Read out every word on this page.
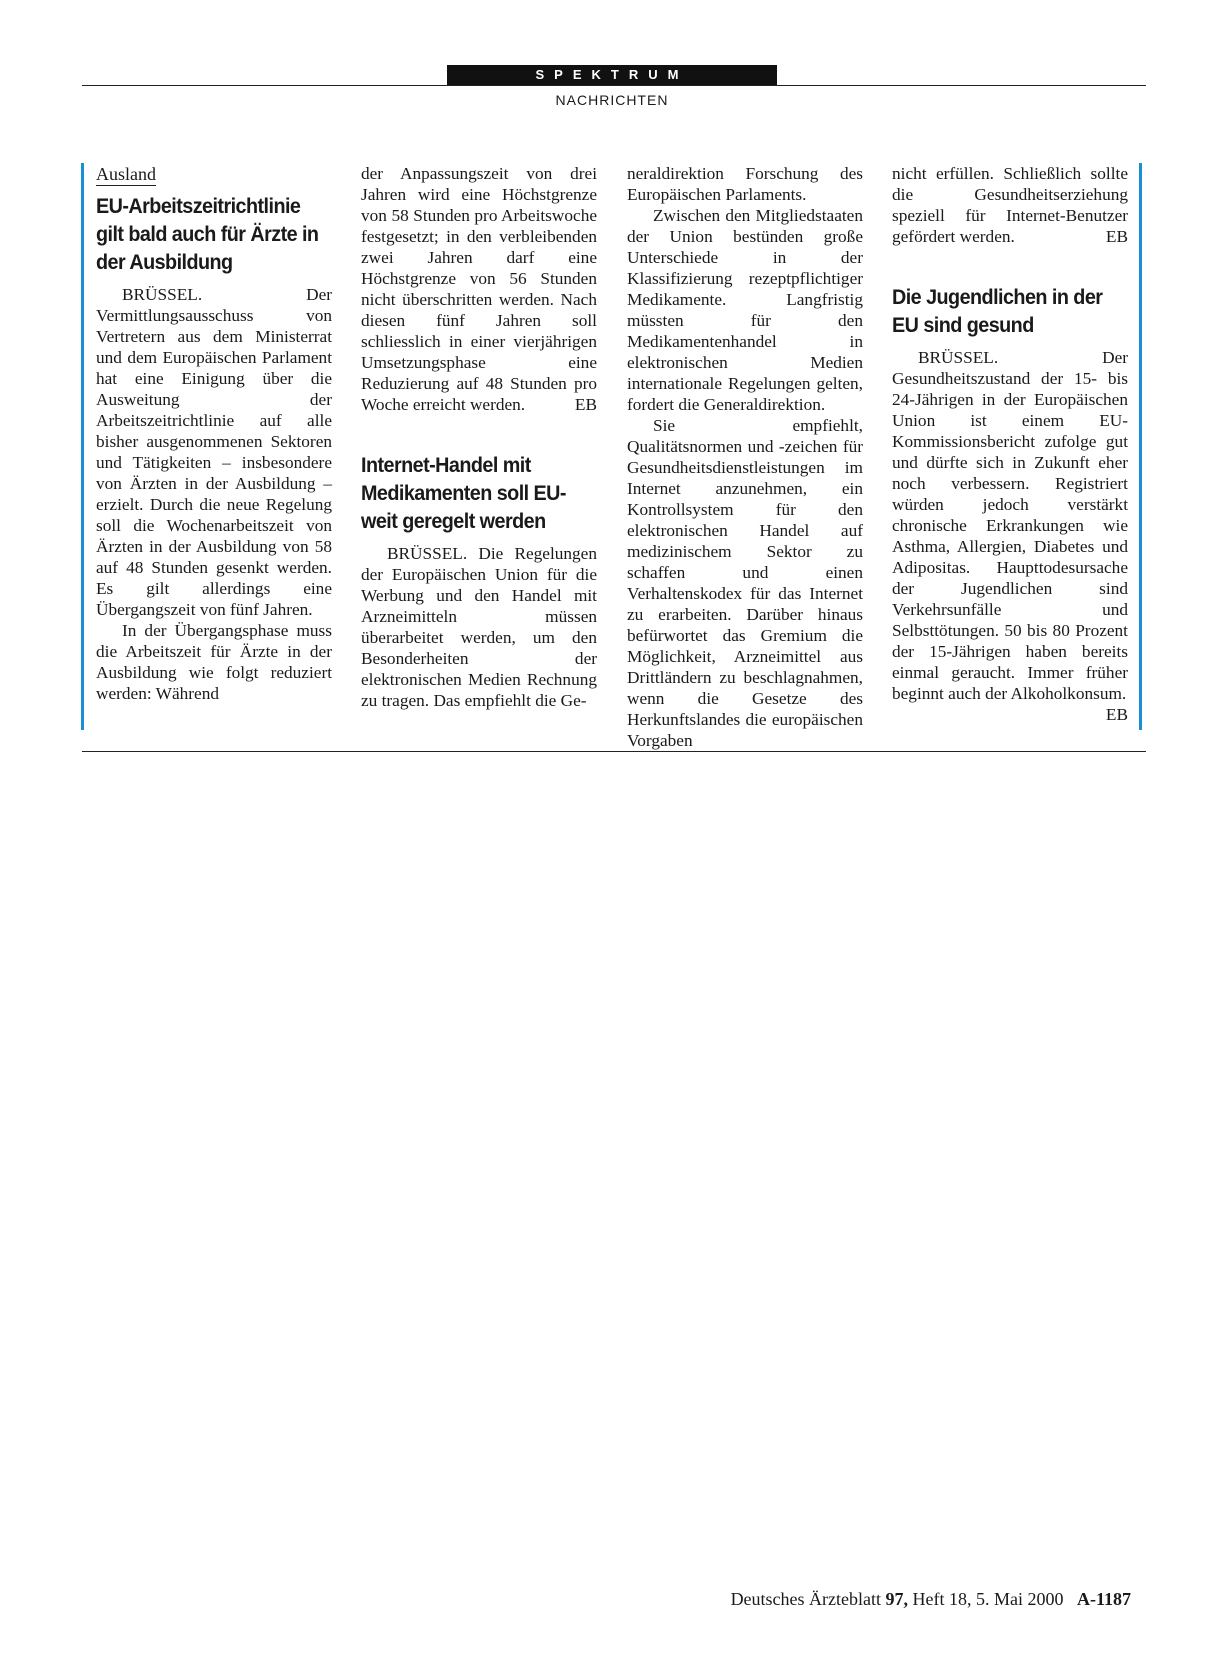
SPEKTRUM
NACHRICHTEN
Ausland
EU-Arbeitszeitrichtlinie gilt bald auch für Ärzte in der Ausbildung

BRÜSSEL. Der Vermittlungsausschuss von Vertretern aus dem Ministerrat und dem Europäischen Parlament hat eine Einigung über die Ausweitung der Arbeitszeitrichtlinie auf alle bisher ausgenommenen Sektoren und Tätigkeiten – insbesondere von Ärzten in der Ausbildung – erzielt. Durch die neue Regelung soll die Wochenarbeitszeit von Ärzten in der Ausbildung von 58 auf 48 Stunden gesenkt werden. Es gilt allerdings eine Übergangszeit von fünf Jahren.

In der Übergangsphase muss die Arbeitszeit für Ärzte in der Ausbildung wie folgt reduziert werden: Während

der Anpassungszeit von drei Jahren wird eine Höchstgrenze von 58 Stunden pro Arbeitswoche festgesetzt; in den verbleibenden zwei Jahren darf eine Höchstgrenze von 56 Stunden nicht überschritten werden. Nach diesen fünf Jahren soll schliesslich in einer vierjährigen Umsetzungsphase eine Reduzierung auf 48 Stunden pro Woche erreicht werden.	EB

Internet-Handel mit Medikamenten soll EU-weit geregelt werden

BRÜSSEL. Die Regelungen der Europäischen Union für die Werbung und den Handel mit Arzneimitteln müssen überarbeitet werden, um den Besonderheiten der elektronischen Medien Rechnung zu tragen. Das empfiehlt die Ge-

neraldirektion Forschung des Europäischen Parlaments.

Zwischen den Mitgliedstaaten der Union bestünden große Unterschiede in der Klassifizierung rezeptpflichtiger Medikamente. Langfristig müssten für den Medikamentenhandel in elektronischen Medien internationale Regelungen gelten, fordert die Generaldirektion.

Sie empfiehlt, Qualitätsnormen und -zeichen für Gesundheitsdienstleistungen im Internet anzunehmen, ein Kontrollsystem für den elektronischen Handel auf medizinischem Sektor zu schaffen und einen Verhaltenskodex für das Internet zu erarbeiten. Darüber hinaus befürwortet das Gremium die Möglichkeit, Arzneimittel aus Drittländern zu beschlagnahmen, wenn die Gesetze des Herkunftslandes die europäischen Vorgaben

nicht erfüllen. Schließlich sollte die Gesundheitserziehung speziell für Internet-Benutzer gefördert werden.	EB

Die Jugendlichen in der EU sind gesund

BRÜSSEL. Der Gesundheitszustand der 15- bis 24-Jährigen in der Europäischen Union ist einem EU-Kommissionsbericht zufolge gut und dürfte sich in Zukunft eher noch verbessern. Registriert würden jedoch verstärkt chronische Erkrankungen wie Asthma, Allergien, Diabetes und Adipositas. Haupttodesursache der Jugendlichen sind Verkehrsunfälle und Selbsttötungen. 50 bis 80 Prozent der 15-Jährigen haben bereits einmal geraucht. Immer früher beginnt auch der Alkoholkonsum.
EB

Deutsches Ärzteblatt 97, Heft 18, 5. Mai 2000 A-1187
